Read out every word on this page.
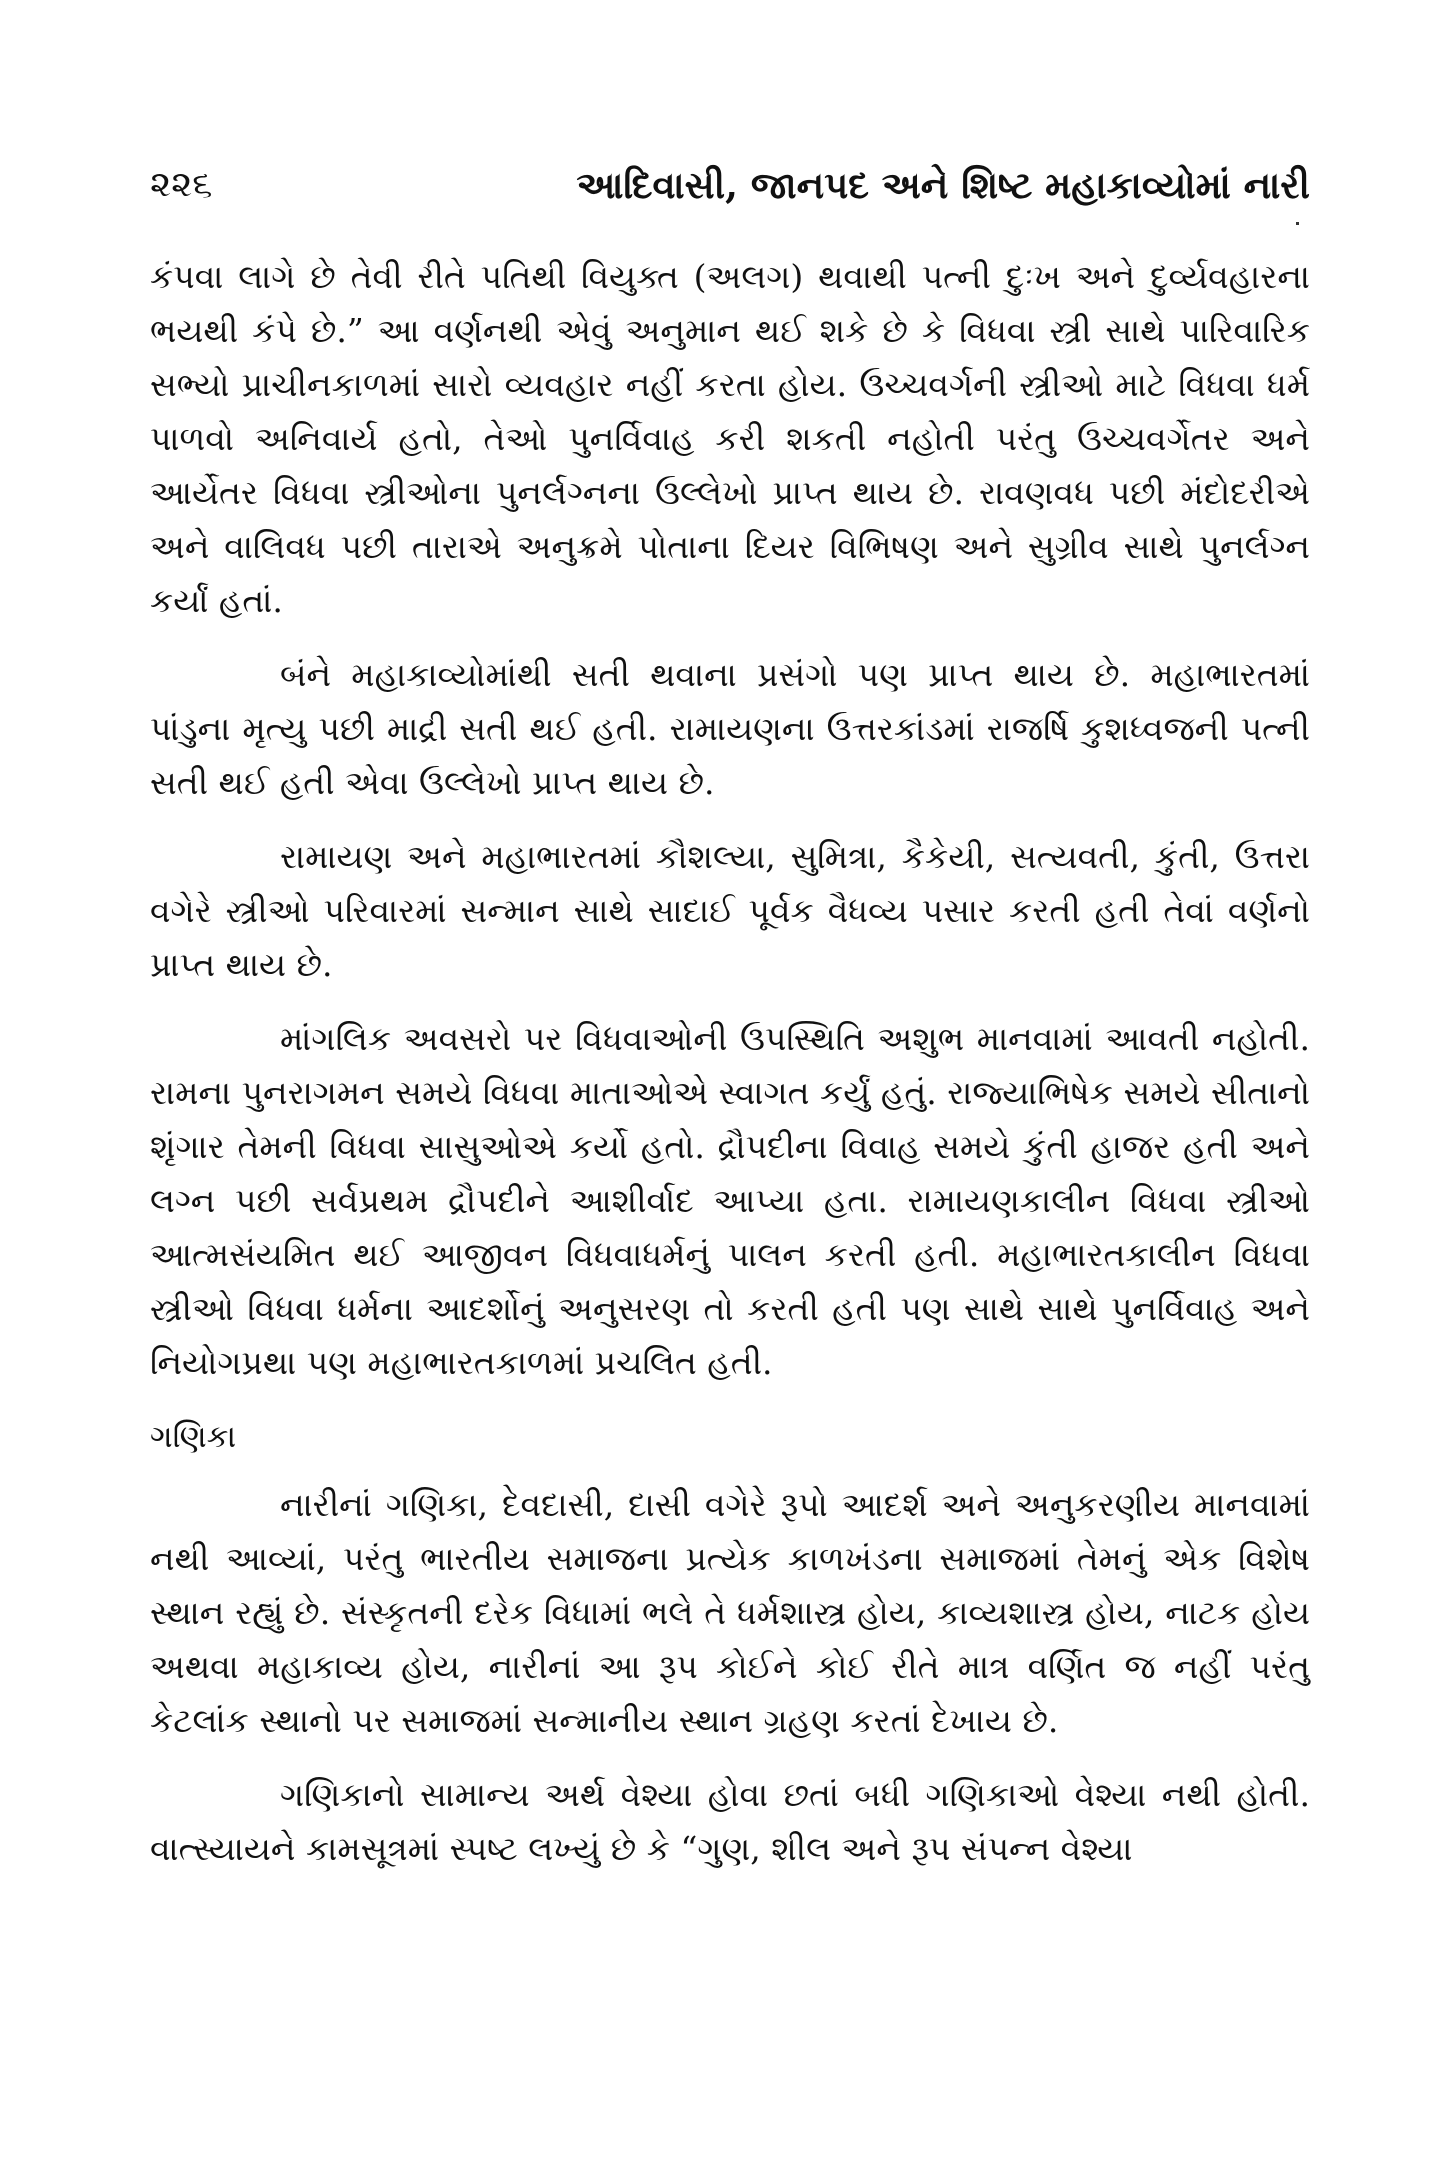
૨૨૬	આદિવાસી, જાનપદ અને શિષ્ટ મહાકાવ્યોમાં નારી

કંપવા લાગે છે તેવી રીતે પતિથી વિયુક્ત (અલગ) થવાથી પત્ની દુઃખ અને દુર્વ્યવહારના ભયથી કંપે છે.” આ વર્ણનથી એવું અનુમાન થઈ શકે છે કે વિધવા સ્ત્રી સાથે પારિવારિક સભ્યો પ્રાચીનકાળમાં સારો વ્યવહાર નહીં કરતા હોય. ઉચ્ચવર્ગની સ્ત્રીઓ માટે વિધવા ધર્મ પાળવો અનિવાર્ય હતો, તેઓ પુનર્વિવાહ કરી શકતી નહોતી પરંતુ ઉચ્ચવર્ગેતર અને આર્યેતર વિધવા સ્ત્રીઓના પુનર્લગ્નના ઉલ્લેખો પ્રાપ્ત થાય છે. રાવણવધ પછી મંદોદરીએ અને વાલિવધ પછી તારાએ અનુક્રમે પોતાના દિયર વિભિષણ અને સુગ્રીવ સાથે પુનર્લગ્ન કર્યાં હતાં.

બંને મહાકાવ્યોમાંથી સતી થવાના પ્રસંગો પણ પ્રાપ્ત થાય છે. મહાભારતમાં પાંડુના મૃત્યુ પછી માદ્રી સતી થઈ હતી. રામાયણના ઉત્તરકાંડમાં રાજર્ષિ કુશધ્વજની પત્ની સતી થઈ હતી એવા ઉલ્લેખો પ્રાપ્ત થાય છે.

રામાયણ અને મહાભારતમાં કૌશલ્યા, સુમિત્રા, કૈકેયી, સત્યવતી, કુંતી, ઉત્તરા વગેરે સ્ત્રીઓ પરિવારમાં સન્માન સાથે સાદાઈ પૂર્વક વૈધવ્ય પસાર કરતી હતી તેવાં વર્ણનો પ્રાપ્ત થાય છે.

માંગલિક અવસરો પર વિધવાઓની ઉપસ્થિતિ અશુભ માનવામાં આવતી નહોતી. રામના પુનરાગમન સમયે વિધવા માતાઓએ સ્વાગત કર્યું હતું. રાજ્યાભિષેક સમયે સીતાનો શૃંગાર તેમની વિધવા સાસુઓએ કર્યો હતો. દ્રૌપદીના વિવાહ સમયે કુંતી હાજર હતી અને લગ્ન પછી સર્વપ્રથમ દ્રૌપદીને આશીર્વાદ આપ્યા હતા. રામાયણકાલીન વિધવા સ્ત્રીઓ આત્મસંયમિત થઈ આજીવન વિધવાધર્મનું પાલન કરતી હતી. મહાભારતકાલીન વિધવા સ્ત્રીઓ વિધવા ધર્મના આદર્શોનું અનુસરણ તો કરતી હતી પણ સાથે સાથે પુનર્વિવાહ અને નિયોગપ્રથા પણ મહાભારતકાળમાં પ્રચલિત હતી.

ગણિકા

નારીનાં ગણિકા, દેવદાસી, દાસી વગેરે રૂપો આદર્શ અને અનુકરણીય માનવામાં નથી આવ્યાં, પરંતુ ભારતીય સમાજના પ્રત્યેક કાળખંડના સમાજમાં તેમનું એક વિશેષ સ્થાન રહ્યું છે. સંસ્કૃતની દરેક વિધામાં ભલે તે ધર્મશાસ્ત્ર હોય, કાવ્યશાસ્ત્ર હોય, નાટક હોય અથવા મહાકાવ્ય હોય, નારીનાં આ રૂપ કોઈને કોઈ રીતે માત્ર વર્ણિત જ નહીં પરંતુ કેટલાંક સ્થાનો પર સમાજમાં સન્માનીય સ્થાન ગ્રહણ કરતાં દેખાય છે.

ગણિકાનો સામાન્ય અર્થ વેશ્યા હોવા છતાં બધી ગણિકાઓ વેશ્યા નથી હોતી. વાત્સ્યાયને કામસૂત્રમાં સ્પષ્ટ લખ્યું છે કે “ગુણ, શીલ અને રૂપ સંપન્ન વેશ્યા
